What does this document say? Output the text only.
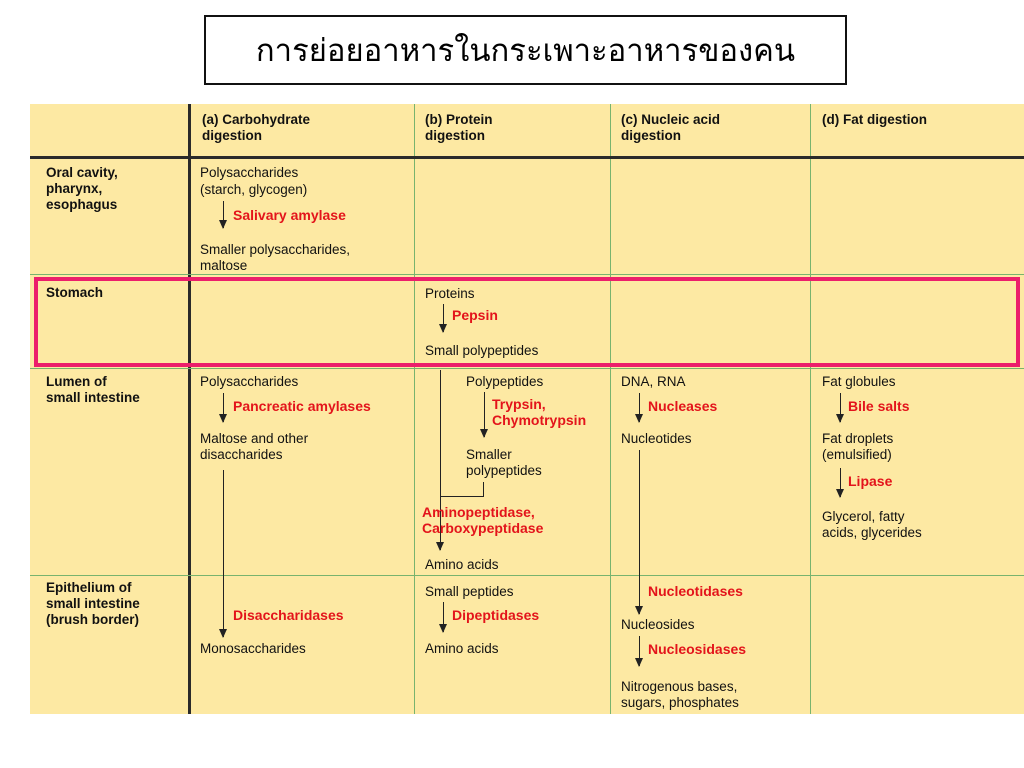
การย่อยอาหารในกระเพาะอาหารของคน
(a) Carbohydrate
digestion
(b) Protein
digestion
(c) Nucleic acid
digestion
(d) Fat digestion
Oral cavity,
pharynx,
esophagus
Stomach
Lumen of
small intestine
Epithelium of
small intestine
(brush border)
Polysaccharides
(starch, glycogen)
Salivary amylase
Smaller polysaccharides,
maltose
Polysaccharides
Pancreatic amylases
Maltose and other
disaccharides
Disaccharidases
Monosaccharides
Proteins
Pepsin
Small polypeptides
Polypeptides
Trypsin,
Chymotrypsin
Smaller
polypeptides
Aminopeptidase,
Carboxypeptidase
Amino acids
Small peptides
Dipeptidases
Amino acids
DNA, RNA
Nucleases
Nucleotides
Nucleotidases
Nucleosides
Nucleosidases
Nitrogenous bases,
sugars, phosphates
Fat globules
Bile salts
Fat droplets
(emulsified)
Lipase
Glycerol, fatty
acids, glycerides
